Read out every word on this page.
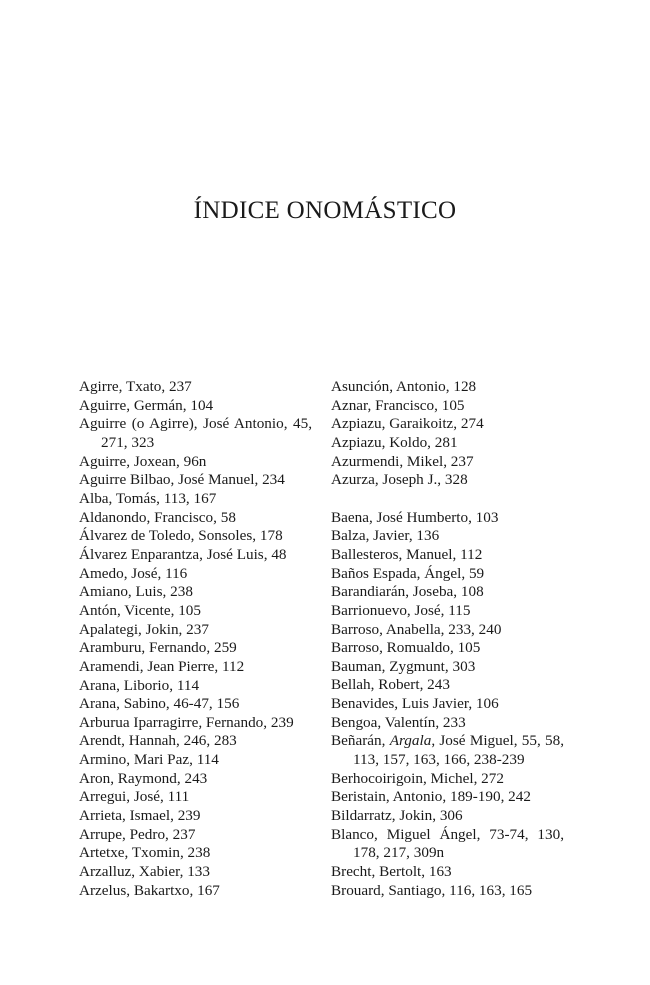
ÍNDICE ONOMÁSTICO

Agirre, Txato, 237

Aguirre, Germán, 104

Aguirre (o Agirre), José Antonio, 45, 271, 323

Aguirre, Joxean, 96n

Aguirre Bilbao, José Manuel, 234

Alba, Tomás, 113, 167

Aldanondo, Francisco, 58

Álvarez de Toledo, Sonsoles, 178

Álvarez Enparantza, José Luis, 48

Amedo, José, 116

Amiano, Luis, 238

Antón, Vicente, 105

Apalategi, Jokin, 237

Aramburu, Fernando, 259

Aramendi, Jean Pierre, 112

Arana, Liborio, 114

Arana, Sabino, 46-47, 156

Arburua Iparragirre, Fernando, 239

Arendt, Hannah, 246, 283

Armino, Mari Paz, 114

Aron, Raymond, 243

Arregui, José, 111

Arrieta, Ismael, 239

Arrupe, Pedro, 237

Artetxe, Txomin, 238

Arzalluz, Xabier, 133

Arzelus, Bakartxo, 167

Asunción, Antonio, 128

Aznar, Francisco, 105

Azpiazu, Garaikoitz, 274

Azpiazu, Koldo, 281

Azurmendi, Mikel, 237

Azurza, Joseph J., 328

Baena, José Humberto, 103

Balza, Javier, 136

Ballesteros, Manuel, 112

Baños Espada, Ángel, 59

Barandiarán, Joseba, 108

Barrionuevo, José, 115

Barroso, Anabella, 233, 240

Barroso, Romualdo, 105

Bauman, Zygmunt, 303

Bellah, Robert, 243

Benavides, Luis Javier, 106

Bengoa, Valentín, 233

Beñarán, Argala, José Miguel, 55, 58, 113, 157, 163, 166, 238-239

Berhocoirigoin, Michel, 272

Beristain, Antonio, 189-190, 242

Bildarratz, Jokin, 306

Blanco, Miguel Ángel, 73-74, 130, 178, 217, 309n

Brecht, Bertolt, 163

Brouard, Santiago, 116, 163, 165
